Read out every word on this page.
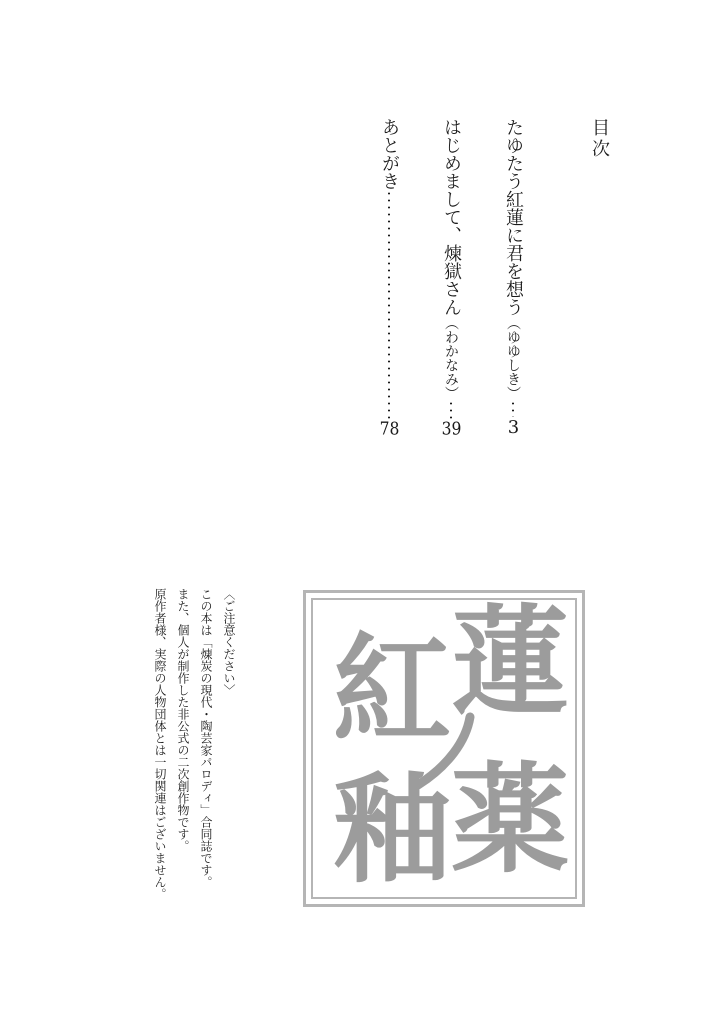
目次
たゆたう紅蓮に君を想う
（ゆゆしき）
3
はじめまして、煉獄さん
（わかなみ）
39
あとがき
78

〈ご注意ください〉

この本は「煉炭の現代・陶芸家パロディ」合同誌です。

また、個人が制作した非公式の二次創作物です。

原作者様、実際の人物団体とは一切関連はございません。 蓮
薬
紅
釉
